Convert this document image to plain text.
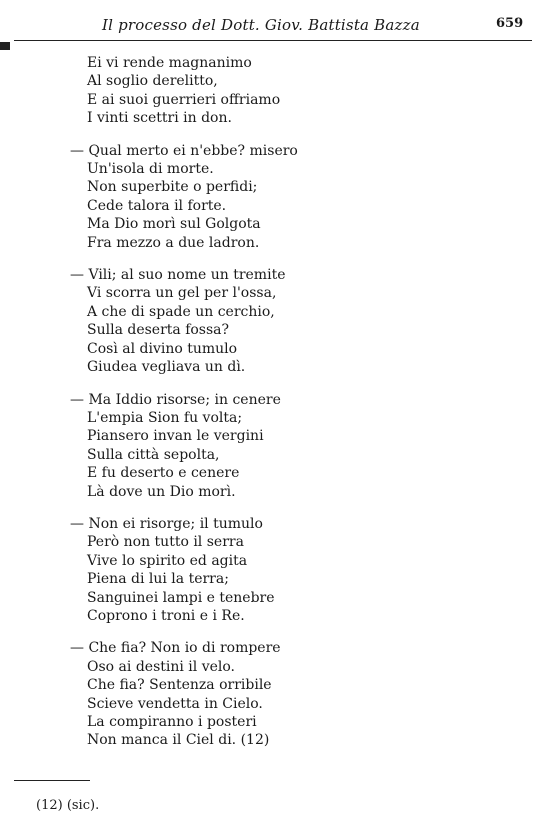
Il processo del Dott. Giov. Battista Bazza	659
Ei vi rende magnanimo
Al soglio derelitto,
E ai suoi guerrieri offriamo
I vinti scettri in don.
— Qual merto ei n'ebbe? misero
Un'isola di morte.
Non superbite o perfidi;
Cede talora il forte.
Ma Dio morì sul Golgota
Fra mezzo a due ladron.
— Vili; al suo nome un tremite
Vi scorra un gel per l'ossa,
A che di spade un cerchio,
Sulla deserta fossa?
Così al divino tumulo
Giudea vegliava un dì.
— Ma Iddio risorse; in cenere
L'empia Sion fu volta;
Piansero invan le vergini
Sulla città sepolta,
E fu deserto e cenere
Là dove un Dio morì.
— Non ei risorge; il tumulo
Però non tutto il serra
Vive lo spirito ed agita
Piena di lui la terra;
Sanguinei lampi e tenebre
Coprono i troni e i Re.
— Che fia? Non io di rompere
Oso ai destini il velo.
Che fia? Sentenza orribile
Scieve vendetta in Cielo.
La compiranno i posteri
Non manca il Ciel di. (12)
(12) (sic).
